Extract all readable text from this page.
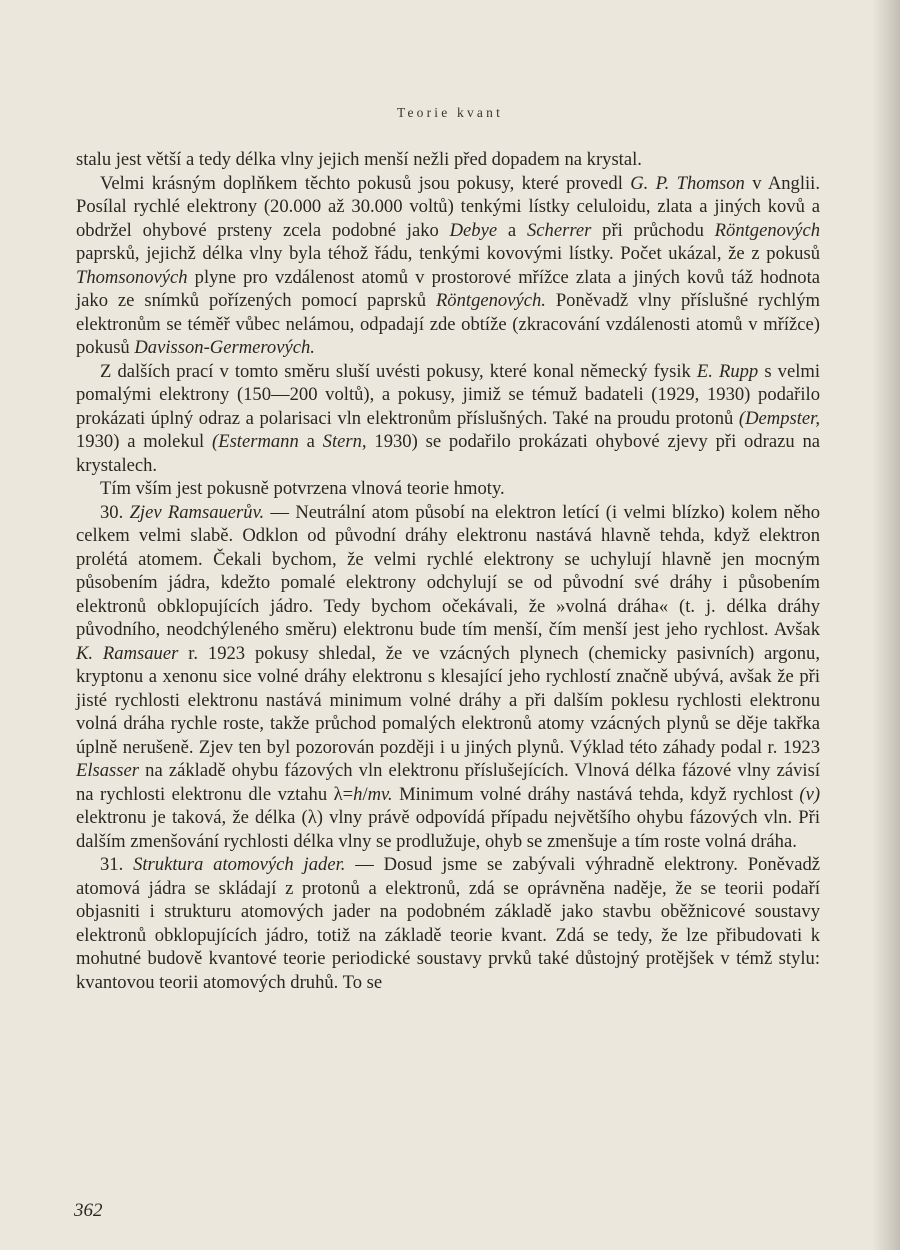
Teorie kvant

stalu jest větší a tedy délka vlny jejich menší nežli před dopadem na krystal.

Velmi krásným doplňkem těchto pokusů jsou pokusy, které provedl G. P. Thomson v Anglii. Posílal rychlé elektrony (20.000 až 30.000 voltů) tenkými lístky celuloidu, zlata a jiných kovů a obdržel ohybové prsteny zcela podobné jako Debye a Scherrer při průchodu Röntgenových paprsků, jejichž délka vlny byla téhož řádu, tenkými kovovými lístky. Počet ukázal, že z pokusů Thomsonových plyne pro vzdálenost atomů v prostorové mřížce zlata a jiných kovů táž hodnota jako ze snímků pořízených pomocí paprsků Röntgenových. Poněvadž vlny příslušné rychlým elektronům se téměř vůbec nelámou, odpadají zde obtíže (zkracování vzdálenosti atomů v mřížce) pokusů Davisson-Germerových.

Z dalších prací v tomto směru sluší uvésti pokusy, které konal německý fysik E. Rupp s velmi pomalými elektrony (150—200 voltů), a pokusy, jimiž se témuž badateli (1929, 1930) podařilo prokázati úplný odraz a polarisaci vln elektronům příslušných. Také na proudu protonů (Dempster, 1930) a molekul (Estermann a Stern, 1930) se podařilo prokázati ohybové zjevy při odrazu na krystalech.

Tím vším jest pokusně potvrzena vlnová teorie hmoty.

30. Zjev Ramsauerův. — Neutrální atom působí na elektron letící (i velmi blízko) kolem něho celkem velmi slabě. Odklon od původní dráhy elektronu nastává hlavně tehda, když elektron prolétá atomem. Čekali bychom, že velmi rychlé elektrony se uchylují hlavně jen mocným působením jádra, kdežto pomalé elektrony odchylují se od původní své dráhy i působením elektronů obklopujících jádro. Tedy bychom očekávali, že »volná dráha« (t. j. délka dráhy původního, neodchýleného směru) elektronu bude tím menší, čím menší jest jeho rychlost. Avšak K. Ramsauer r. 1923 pokusy shledal, že ve vzácných plynech (chemicky pasivních) argonu, kryptonu a xenonu sice volné dráhy elektronu s klesající jeho rychlostí značně ubývá, avšak že při jisté rychlosti elektronu nastává minimum volné dráhy a při dalším poklesu rychlosti elektronu volná dráha rychle roste, takže průchod pomalých elektronů atomy vzácných plynů se děje takřka úplně nerušeně. Zjev ten byl pozorován později i u jiných plynů. Výklad této záhady podal r. 1923 Elsasser na základě ohybu fázových vln elektronu příslušejících. Vlnová délka fázové vlny závisí na rychlosti elektronu dle vztahu λ=h/mv. Minimum volné dráhy nastává tehda, když rychlost (v) elektronu je taková, že délka (λ) vlny právě odpovídá případu největšího ohybu fázových vln. Při dalším zmenšování rychlosti délka vlny se prodlužuje, ohyb se zmenšuje a tím roste volná dráha.

31. Struktura atomových jader. — Dosud jsme se zabývali výhradně elektrony. Poněvadž atomová jádra se skládají z protonů a elektronů, zdá se oprávněna naděje, že se teorii podaří objasniti i strukturu atomových jader na podobném základě jako stavbu oběžnicové soustavy elektronů obklopujících jádro, totiž na základě teorie kvant. Zdá se tedy, že lze přibudovati k mohutné budově kvantové teorie periodické soustavy prvků také důstojný protějšek v témž stylu: kvantovou teorii atomových druhů. To se

362
